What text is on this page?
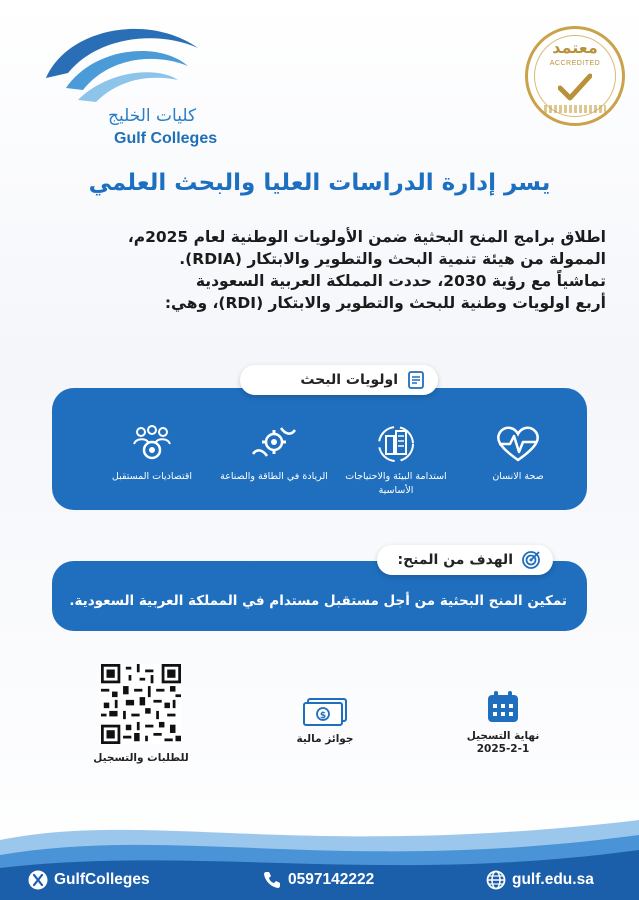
كليات الخليج
Gulf Colleges
معتمد
ACCREDITED
يسر إدارة الدراسات العليا والبحث العلمي

اطلاق برامج المنح البحثية ضمن الأولويات الوطنية لعام 2025م،

الممولة من هيئة تنمية البحث والتطوير والابتكار (RDIA).

تماشياً مع رؤية 2030، حددت المملكة العربية السعودية

أربع اولويات وطنية للبحث والتطوير والابتكار (RDI)، وهي:

صحة الانسان
استدامة البيئة والاحتياجات الأساسية
الريادة في الطاقة والصناعة
اقتصاديات المستقبل
اولويات البحث
تمكين المنح البحثية من أجل مستقبل مستدام في المملكة العربية السعودية.
الهدف من المنح:
نهاية التسجيل
2025-2-1
$
جوائز مالية
للطلبات والتسجيل
GulfColleges	0597142222	gulf.edu.sa
